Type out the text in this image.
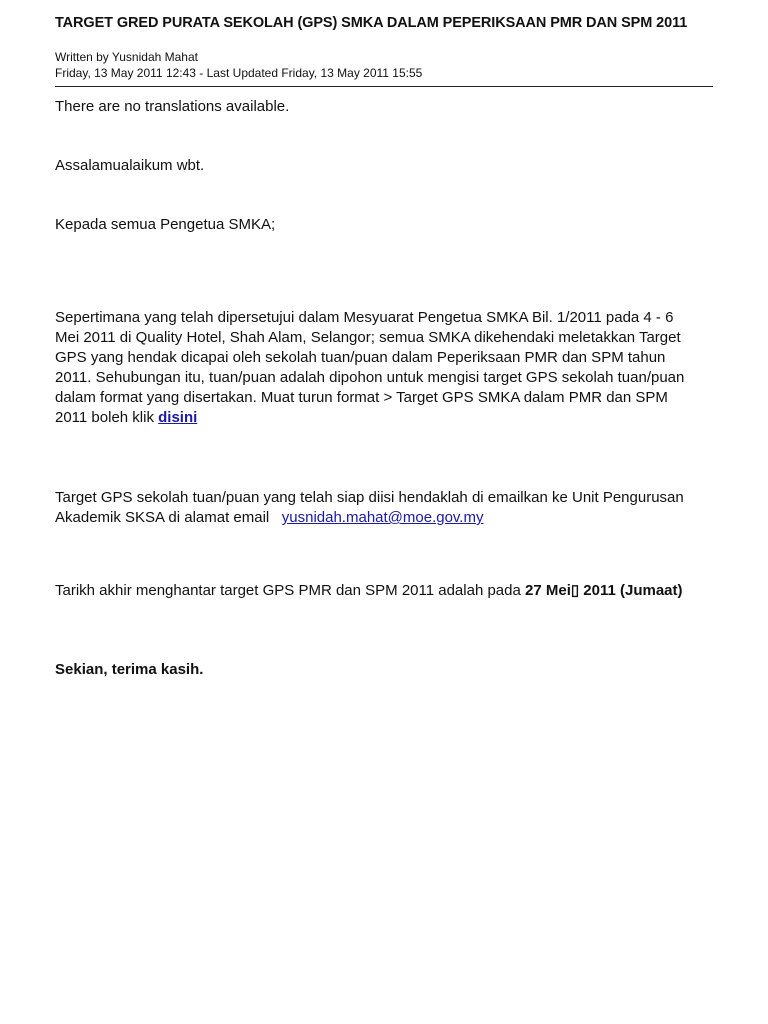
TARGET GRED PURATA SEKOLAH (GPS) SMKA DALAM PEPERIKSAAN PMR DAN SPM 2011
Written by Yusnidah Mahat
Friday, 13 May 2011 12:43 - Last Updated Friday, 13 May 2011 15:55
There are no translations available.
Assalamualaikum wbt.
Kepada semua Pengetua SMKA;
Sepertimana yang telah dipersetujui dalam Mesyuarat Pengetua SMKA Bil. 1/2011 pada 4 - 6
Mei 2011 di Quality Hotel, Shah Alam, Selangor; semua SMKA dikehendaki meletakkan Target
GPS yang hendak dicapai oleh sekolah tuan/puan dalam Peperiksaan PMR dan SPM tahun
2011. Sehubungan itu, tuan/puan adalah dipohon untuk mengisi target GPS sekolah tuan/puan
dalam format yang disertakan. Muat turun format > Target GPS SMKA dalam PMR dan SPM
2011 boleh klik disini
Target GPS sekolah tuan/puan yang telah siap diisi hendaklah di emailkan ke Unit Pengurusan
Akademik SKSA di alamat email   yusnidah.mahat@moe.gov.my
Tarikh akhir menghantar target GPS PMR dan SPM 2011 adalah pada 27 Mei▯ 2011 (Jumaat)
Sekian, terima kasih.
